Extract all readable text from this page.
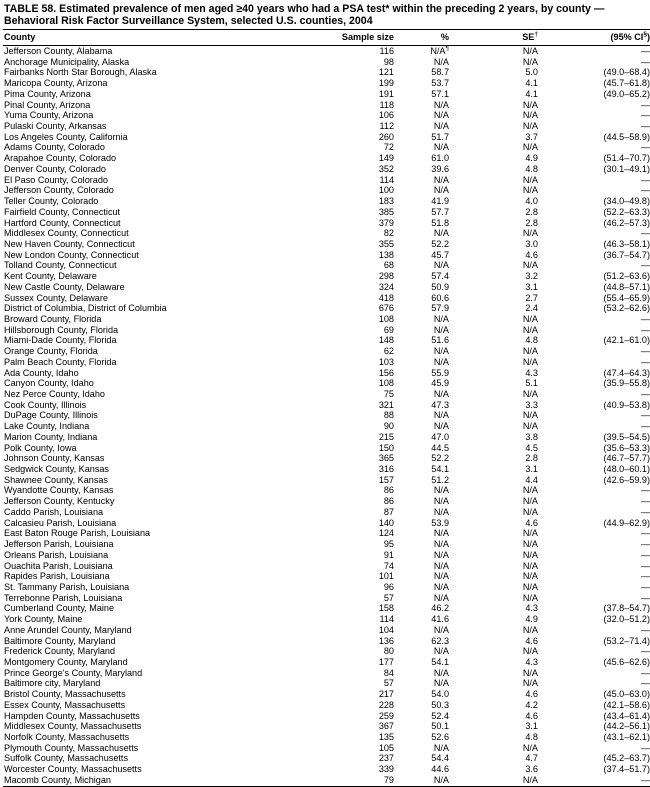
TABLE 58. Estimated prevalence of men aged ≥40 years who had a PSA test* within the preceding 2 years, by county — Behavioral Risk Factor Surveillance System, selected U.S. counties, 2004
County	Sample size	%	SE†	(95% CI§)
Jefferson County, Alabama	116	N/A¶	N/A	—
Anchorage Municipality, Alaska	98	N/A	N/A	—
Fairbanks North Star Borough, Alaska	121	58.7	5.0	(49.0–68.4)
Maricopa County, Arizona	199	53.7	4.1	(45.7–61.8)
Pima County, Arizona	191	57.1	4.1	(49.0–65.2)
Pinal County, Arizona	118	N/A	N/A	—
Yuma County, Arizona	106	N/A	N/A	—
Pulaski County, Arkansas	112	N/A	N/A	—
Los Angeles County, California	260	51.7	3.7	(44.5–58.9)
Adams County, Colorado	72	N/A	N/A	—
Arapahoe County, Colorado	149	61.0	4.9	(51.4–70.7)
Denver County, Colorado	352	39.6	4.8	(30.1–49.1)
El Paso County, Colorado	114	N/A	N/A	—
Jefferson County, Colorado	100	N/A	N/A	—
Teller County, Colorado	183	41.9	4.0	(34.0–49.8)
Fairfield County, Connecticut	385	57.7	2.8	(52.2–63.3)
Hartford County, Connecticut	379	51.8	2.8	(46.2–57.3)
Middlesex County, Connecticut	82	N/A	N/A	—
New Haven County, Connecticut	355	52.2	3.0	(46.3–58.1)
New London County, Connecticut	138	45.7	4.6	(36.7–54.7)
Tolland County, Connecticut	68	N/A	N/A	—
Kent County, Delaware	298	57.4	3.2	(51.2–63.6)
New Castle County, Delaware	324	50.9	3.1	(44.8–57.1)
Sussex County, Delaware	418	60.6	2.7	(55.4–65.9)
District of Columbia, District of Columbia	676	57.9	2.4	(53.2–62.6)
Broward County, Florida	108	N/A	N/A	—
Hillsborough County, Florida	69	N/A	N/A	—
Miami-Dade County, Florida	148	51.6	4.8	(42.1–61.0)
Orange County, Florida	62	N/A	N/A	—
Palm Beach County, Florida	103	N/A	N/A	—
Ada County, Idaho	156	55.9	4.3	(47.4–64.3)
Canyon County, Idaho	108	45.9	5.1	(35.9–55.8)
Nez Perce County, Idaho	75	N/A	N/A	—
Cook County, Illinois	321	47.3	3.3	(40.9–53.8)
DuPage County, Illinois	88	N/A	N/A	—
Lake County, Indiana	90	N/A	N/A	—
Marion County, Indiana	215	47.0	3.8	(39.5–54.5)
Polk County, Iowa	150	44.5	4.5	(35.6–53.3)
Johnson County, Kansas	365	52.2	2.8	(46.7–57.7)
Sedgwick County, Kansas	316	54.1	3.1	(48.0–60.1)
Shawnee County, Kansas	157	51.2	4.4	(42.6–59.9)
Wyandotte County, Kansas	86	N/A	N/A	—
Jefferson County, Kentucky	86	N/A	N/A	—
Caddo Parish, Louisiana	87	N/A	N/A	—
Calcasieu Parish, Louisiana	140	53.9	4.6	(44.9–62.9)
East Baton Rouge Parish, Louisiana	124	N/A	N/A	—
Jefferson Parish, Louisiana	95	N/A	N/A	—
Orleans Parish, Louisiana	91	N/A	N/A	—
Ouachita Parish, Louisiana	74	N/A	N/A	—
Rapides Parish, Louisiana	101	N/A	N/A	—
St. Tammany Parish, Louisiana	96	N/A	N/A	—
Terrebonne Parish, Louisiana	57	N/A	N/A	—
Cumberland County, Maine	158	46.2	4.3	(37.8–54.7)
York County, Maine	114	41.6	4.9	(32.0–51.2)
Anne Arundel County, Maryland	104	N/A	N/A	—
Baltimore County, Maryland	136	62.3	4.6	(53.2–71.4)
Frederick County, Maryland	80	N/A	N/A	—
Montgomery County, Maryland	177	54.1	4.3	(45.6–62.6)
Prince George’s County, Maryland	84	N/A	N/A	—
Baltimore city, Maryland	57	N/A	N/A	—
Bristol County, Massachusetts	217	54.0	4.6	(45.0–63.0)
Essex County, Massachusetts	228	50.3	4.2	(42.1–58.6)
Hampden County, Massachusetts	259	52.4	4.6	(43.4–61.4)
Middlesex County, Massachusetts	367	50.1	3.1	(44.2–56.1)
Norfolk County, Massachusetts	135	52.6	4.8	(43.1–62.1)
Plymouth County, Massachusetts	105	N/A	N/A	—
Suffolk County, Massachusetts	237	54.4	4.7	(45.2–63.7)
Worcester County, Massachusetts	339	44.6	3.6	(37.4–51.7)
Macomb County, Michigan	79	N/A	N/A	—
